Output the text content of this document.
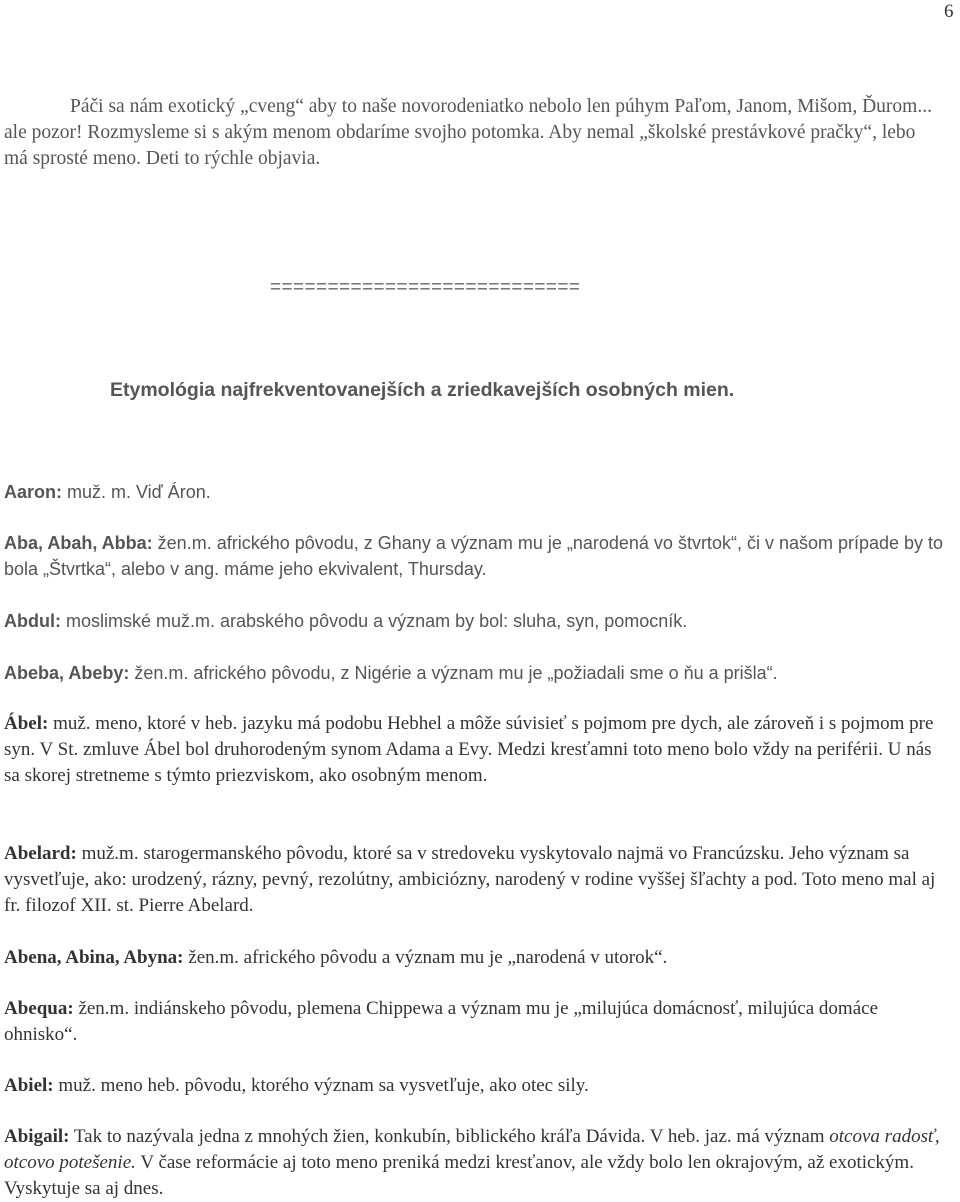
6
Páči sa nám exotický „cveng“ aby to naše novorodeniatko nebolo len púhym Paľom, Janom, Mišom, Ďurom... ale pozor! Rozmysleme si s akým menom obdaríme svojho potomka. Aby nemal „školské prestávkové pračky“, lebo má sprosté meno. Deti to rýchle objavia.
===========================
Etymológia najfrekventovanejších a zriedkavejších osobných mien.
Aaron: muž. m. Viď Áron.
Aba, Abah, Abba: žen.m. afrického pôvodu, z Ghany a význam mu je „narodená vo štvrtok“, či v našom prípade by to bola „Štvrtka“, alebo v ang. máme jeho ekvivalent, Thursday.
Abdul: moslimské muž.m. arabského pôvodu a význam by bol: sluha, syn, pomocník.
Abeba, Abeby: žen.m. afrického pôvodu, z Nigérie a význam mu je „požiadali sme o ňu a prišla“.
Ábel: muž. meno, ktoré v heb. jazyku má podobu Hebhel a môže súvisieť s pojmom pre dych, ale zároveň i s pojmom pre syn. V St. zmluve Ábel bol druhorodeným synom Adama a Evy. Medzi kresťamni toto meno bolo vždy na periférii. U nás sa skorej stretneme s týmto priezviskom, ako osobným menom.
Abelard: muž.m. starogermanského pôvodu, ktoré sa v stredoveku vyskytovalo najmä vo Francúzsku. Jeho význam sa vysvetľuje, ako: urodzený, rázny, pevný, rezolútny, ambiciózny, narodený v rodine vyššej šľachty a pod. Toto meno mal aj fr. filozof XII. st. Pierre Abelard.
Abena, Abina, Abyna: žen.m. afrického pôvodu a význam mu je „narodená v utorok“.
Abequa: žen.m. indiánskeho pôvodu, plemena Chippewa a význam mu je „milujúca domácnosť, milujúca domáce ohnisko“.
Abiel: muž. meno heb. pôvodu, ktorého význam sa vysvetľuje, ako otec sily.
Abigail: Tak to nazývala jedna z mnohých žien, konkubín, biblického kráľa Dávida. V heb. jaz. má význam otcova radosť, otcovo potešenie. V čase reformácie aj toto meno preniká medzi kresťanov, ale vždy bolo len okrajovým, až exotickým. Vyskytuje sa aj dnes.
